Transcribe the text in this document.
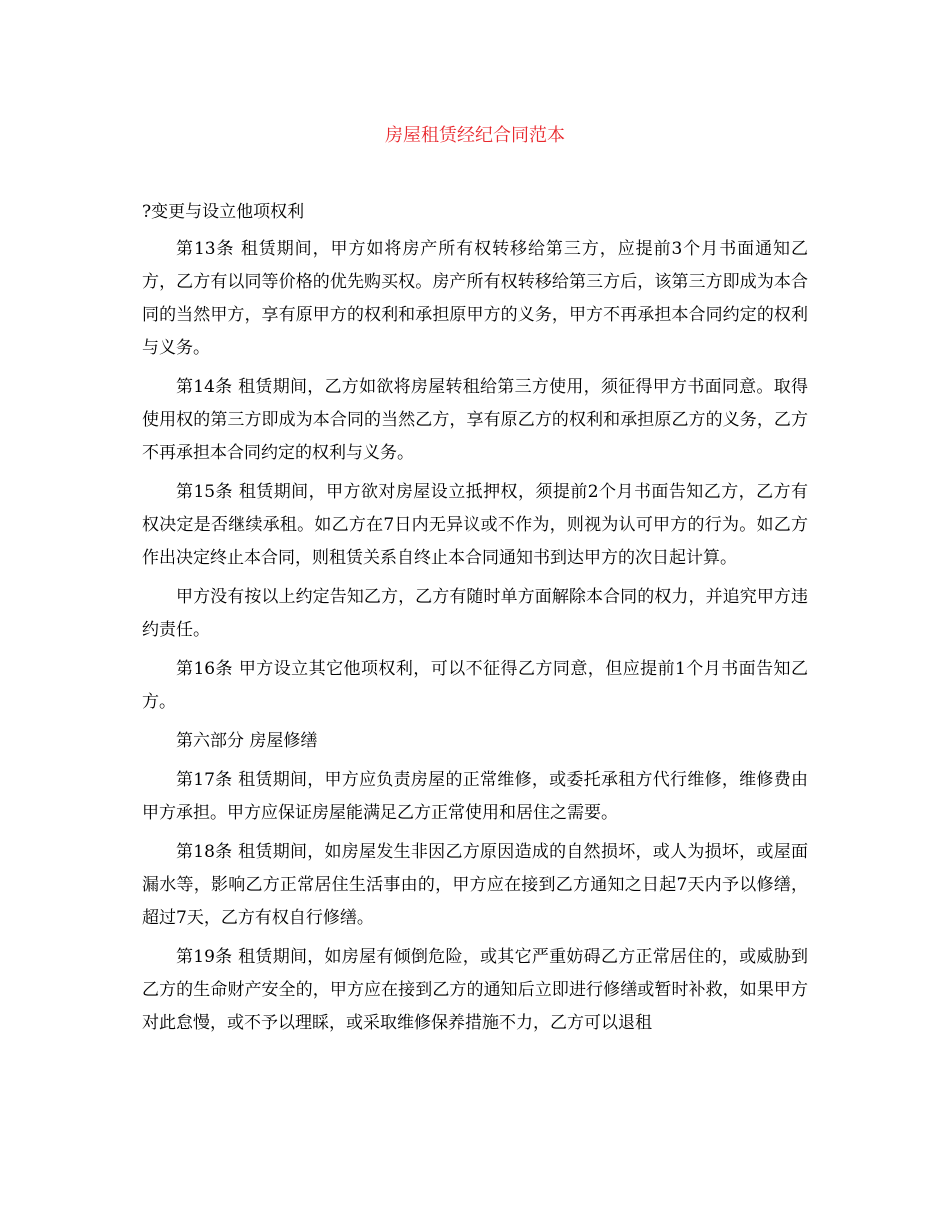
房屋租赁经纪合同范本

?变更与设立他项权利

第13条 租赁期间，甲方如将房产所有权转移给第三方，应提前3个月书面通知乙方，乙方有以同等价格的优先购买权。房产所有权转移给第三方后，该第三方即成为本合同的当然甲方，享有原甲方的权利和承担原甲方的义务，甲方不再承担本合同约定的权利与义务。

第14条 租赁期间，乙方如欲将房屋转租给第三方使用，须征得甲方书面同意。取得使用权的第三方即成为本合同的当然乙方，享有原乙方的权利和承担原乙方的义务，乙方不再承担本合同约定的权利与义务。

第15条 租赁期间，甲方欲对房屋设立抵押权，须提前2个月书面告知乙方，乙方有权决定是否继续承租。如乙方在7日内无异议或不作为，则视为认可甲方的行为。如乙方作出决定终止本合同，则租赁关系自终止本合同通知书到达甲方的次日起计算。

甲方没有按以上约定告知乙方，乙方有随时单方面解除本合同的权力，并追究甲方违约责任。

第16条 甲方设立其它他项权利，可以不征得乙方同意，但应提前1个月书面告知乙方。

第六部分 房屋修缮

第17条 租赁期间，甲方应负责房屋的正常维修，或委托承租方代行维修，维修费由甲方承担。甲方应保证房屋能满足乙方正常使用和居住之需要。

第18条 租赁期间，如房屋发生非因乙方原因造成的自然损坏，或人为损坏，或屋面漏水等，影响乙方正常居住生活事由的，甲方应在接到乙方通知之日起7天内予以修缮，超过7天，乙方有权自行修缮。

第19条 租赁期间，如房屋有倾倒危险，或其它严重妨碍乙方正常居住的，或威胁到乙方的生命财产安全的，甲方应在接到乙方的通知后立即进行修缮或暂时补救，如果甲方对此怠慢，或不予以理睬，或采取维修保养措施不力，乙方可以退租
